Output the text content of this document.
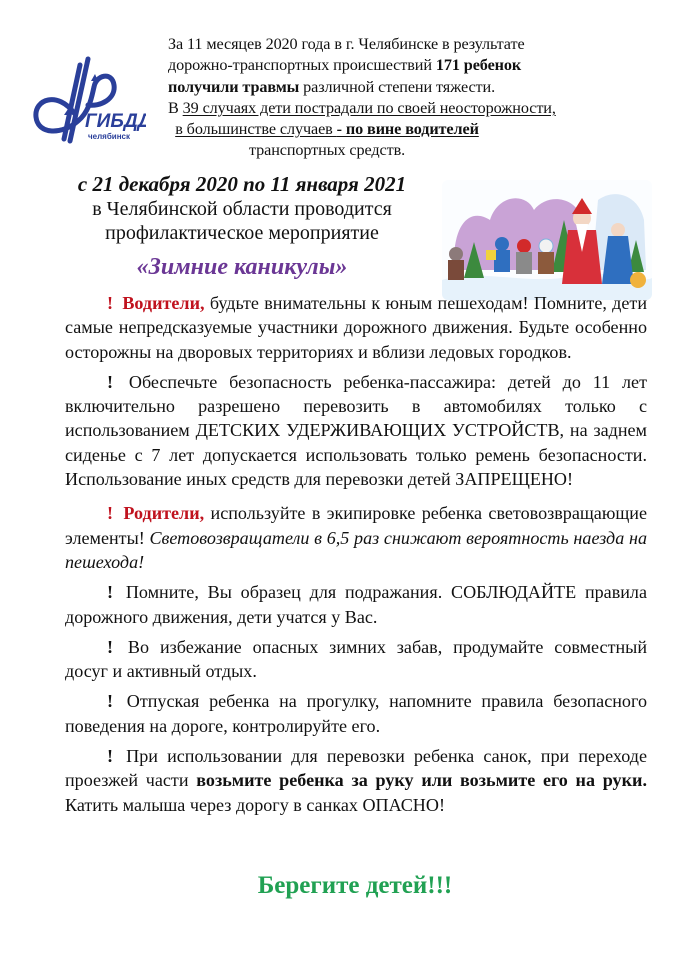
ГИБДД
челябинск
За 11 месяцев 2020 года в г. Челябинске в результате
дорожно-транспортных происшествий 171 ребенок
получили травмы различной степени тяжести.
В 39 случаях дети пострадали по своей неосторожности,
в большинстве случаев - по вине водителей
транспортных средств.
с 21 декабря 2020 по 11 января 2021
в Челябинской области проводится
профилактическое мероприятие
«Зимние каникулы»

! Водители, будьте внимательны к юным пешеходам! Помните, дети самые непредсказуемые участники дорожного движения. Будьте особенно осторожны на дворовых территориях и вблизи ледовых городков.

! Обеспечьте безопасность ребенка-пассажира: детей до 11 лет включительно разрешено перевозить в автомобилях только с использованием ДЕТСКИХ УДЕРЖИВАЮЩИХ УСТРОЙСТВ, на заднем сиденье с 7 лет допускается использовать только ремень безопасности. Использование иных средств для перевозки детей ЗАПРЕЩЕНО!

! Родители, используйте в экипировке ребенка световозвращающие элементы! Световозвращатели в 6,5 раз снижают вероятность наезда на пешехода!

! Помните, Вы образец для подражания. СОБЛЮДАЙТЕ правила дорожного движения, дети учатся у Вас.

! Во избежание опасных зимних забав, продумайте совместный досуг и активный отдых.

! Отпуская ребенка на прогулку, напомните правила безопасного поведения на дороге, контролируйте его.

! При использовании для перевозки ребенка санок, при переходе проезжей части возьмите ребенка за руку или возьмите его на руки. Катить малыша через дорогу в санках ОПАСНО!

Берегите детей!!!
